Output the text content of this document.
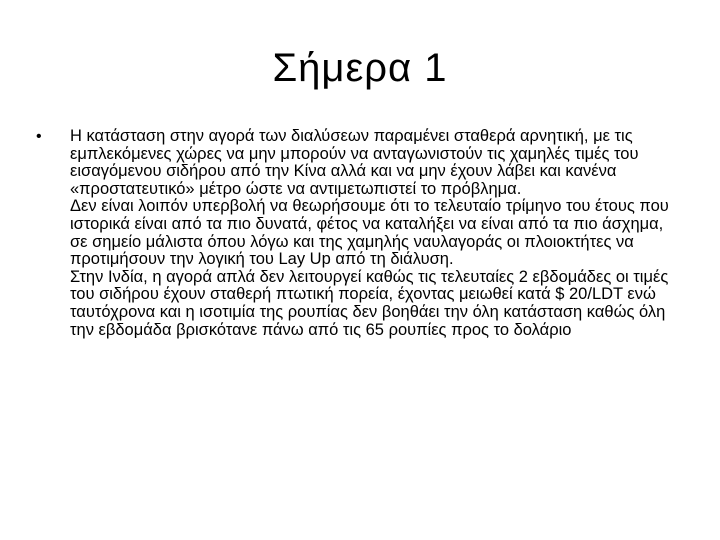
Σήμερα 1
•	Η κατάσταση στην αγορά των διαλύσεων παραμένει σταθερά αρνητική, με τις εμπλεκόμενες χώρες να μην μπορούν να ανταγωνιστούν τις χαμηλές τιμές του εισαγόμενου σιδήρου από την Κίνα αλλά και να μην έχουν λάβει και κανένα «προστατευτικό» μέτρο ώστε να αντιμετωπιστεί το πρόβλημα.
Δεν είναι λοιπόν υπερβολή να θεωρήσουμε ότι το τελευταίο τρίμηνο του έτους που ιστορικά είναι από τα πιο δυνατά, φέτος να καταλήξει να είναι από τα πιο άσχημα, σε σημείο μάλιστα όπου λόγω και της χαμηλής ναυλαγοράς οι πλοιοκτήτες να προτιμήσουν την λογική του Lay Up από τη διάλυση.
Στην Ινδία, η αγορά απλά δεν λειτουργεί καθώς τις τελευταίες 2 εβδομάδες οι τιμές του σιδήρου έχουν σταθερή πτωτική πορεία, έχοντας μειωθεί κατά $ 20/LDT ενώ ταυτόχρονα και η ισοτιμία της ρουπίας δεν βοηθάει την όλη κατάσταση καθώς όλη την εβδομάδα βρισκότανε πάνω από τις 65 ρουπίες προς το δολάριο
